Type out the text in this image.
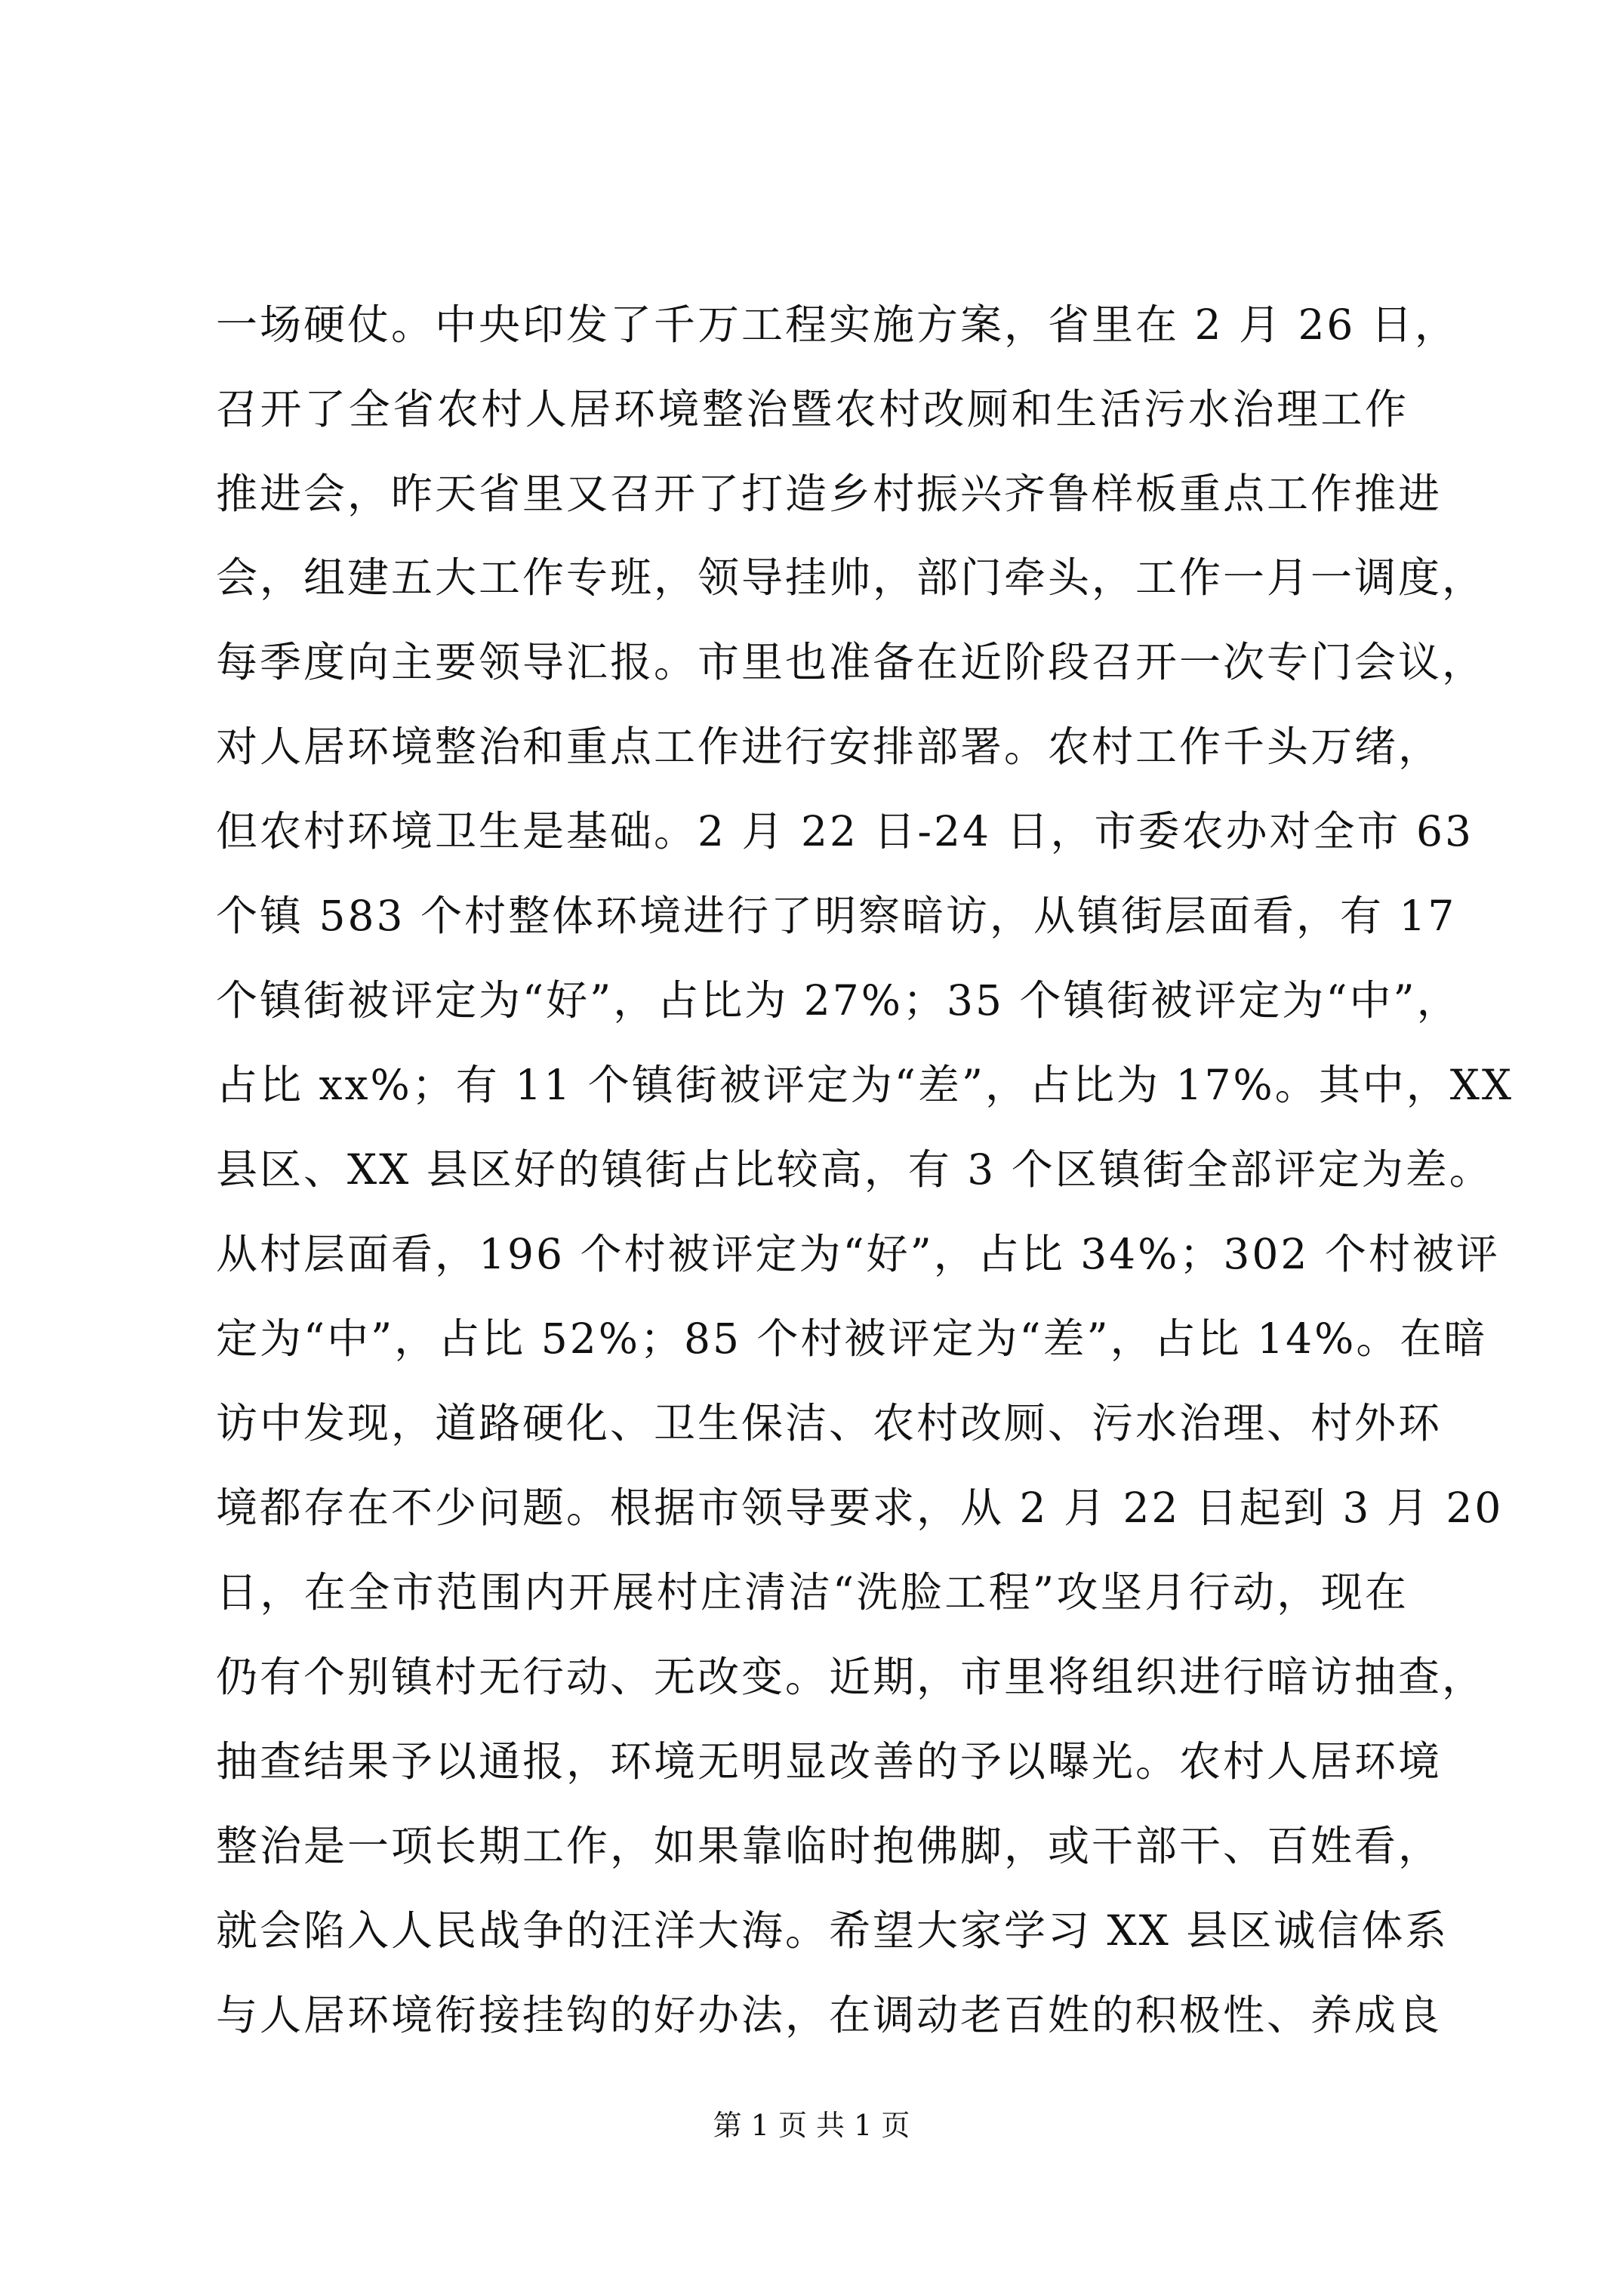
一场硬仗。中央印发了千万工程实施方案，省里在 2 月 26 日，
召开了全省农村人居环境整治暨农村改厕和生活污水治理工作
推进会，昨天省里又召开了打造乡村振兴齐鲁样板重点工作推进
会，组建五大工作专班，领导挂帅，部门牵头，工作一月一调度，
每季度向主要领导汇报。市里也准备在近阶段召开一次专门会议，
对人居环境整治和重点工作进行安排部署。农村工作千头万绪，
但农村环境卫生是基础。2 月 22 日-24 日，市委农办对全市 63
个镇 583 个村整体环境进行了明察暗访，从镇街层面看，有 17
个镇街被评定为“好”，占比为 27%；35 个镇街被评定为“中”，
占比 xx%；有 11 个镇街被评定为“差”，占比为 17%。其中，XX
县区、XX 县区好的镇街占比较高，有 3 个区镇街全部评定为差。
从村层面看，196 个村被评定为“好”，占比 34%；302 个村被评
定为“中”，占比 52%；85 个村被评定为“差”，占比 14%。在暗
访中发现，道路硬化、卫生保洁、农村改厕、污水治理、村外环
境都存在不少问题。根据市领导要求，从 2 月 22 日起到 3 月 20
日，在全市范围内开展村庄清洁“洗脸工程”攻坚月行动，现在
仍有个别镇村无行动、无改变。近期，市里将组织进行暗访抽查，
抽查结果予以通报，环境无明显改善的予以曝光。农村人居环境
整治是一项长期工作，如果靠临时抱佛脚，或干部干、百姓看，
就会陷入人民战争的汪洋大海。希望大家学习 XX 县区诚信体系
与人居环境衔接挂钩的好办法，在调动老百姓的积极性、养成良
第 1 页 共 1 页
